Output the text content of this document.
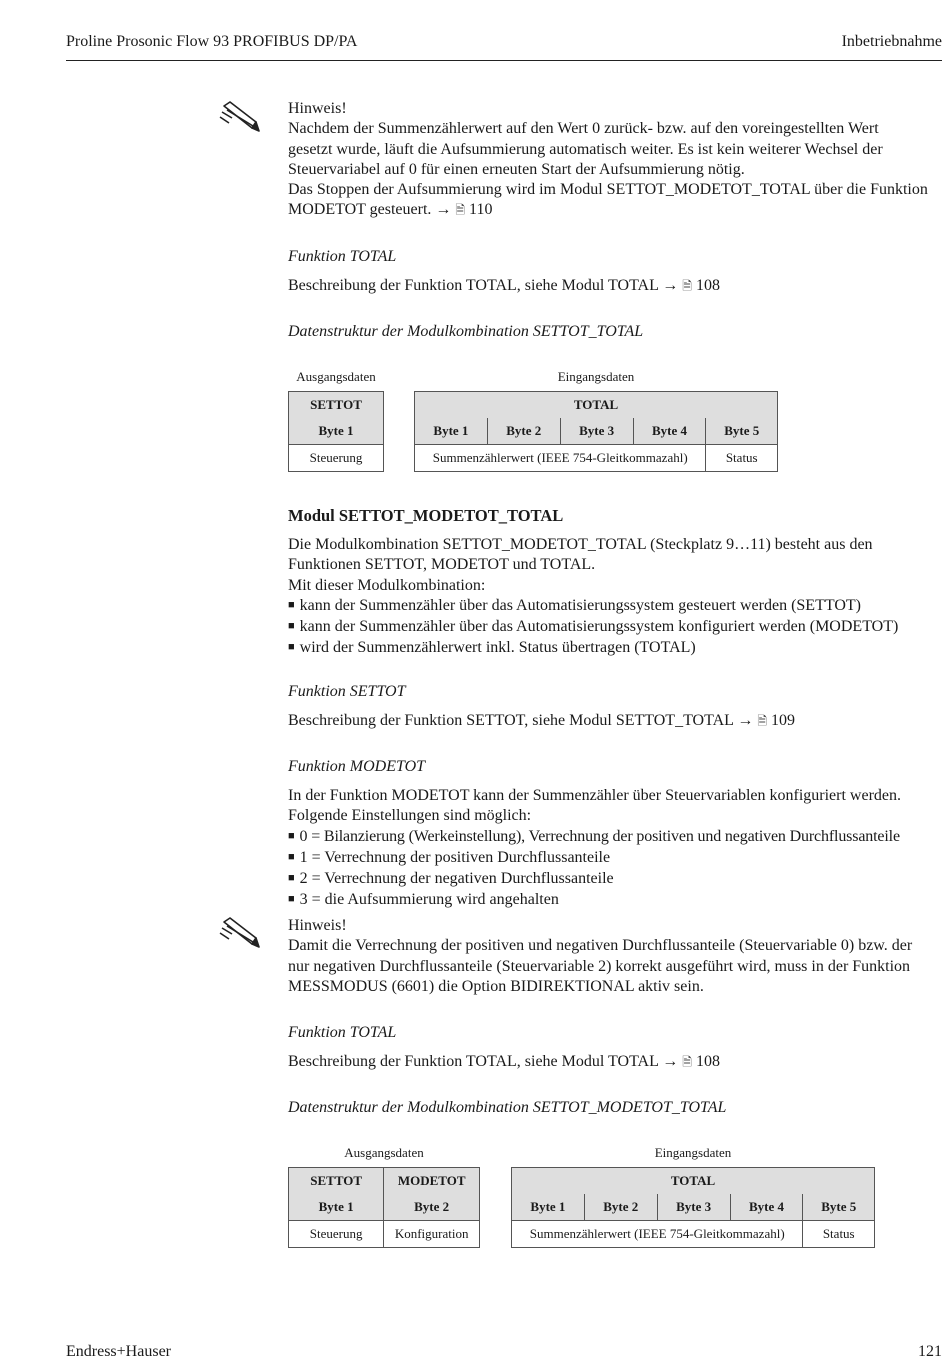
Proline Prosonic Flow 93 PROFIBUS DP/PA	Inbetriebnahme

Hinweis!

Nachdem der Summenzählerwert auf den Wert 0 zurück- bzw. auf den voreingestellten Wert

gesetzt wurde, läuft die Aufsummierung automatisch weiter. Es ist kein weiterer Wechsel der

Steuervariabel auf 0 für einen erneuten Start der Aufsummierung nötig.

Das Stoppen der Aufsummierung wird im Modul SETTOT_MODETOT_TOTAL über die Funktion

MODETOT gesteuert. → 🗎 110

Funktion TOTAL

Beschreibung der Funktion TOTAL, siehe Modul TOTAL → 🗎 108

Datenstruktur der Modulkombination SETTOT_TOTAL

Ausgangsdaten	Eingangsdaten
SETTOT
Byte 1
Steuerung
TOTAL				
Byte 1	Byte 2	Byte 3	Byte 4	Byte 5
Summenzählerwert (IEEE 754-Gleitkommazahl)				Status

Modul SETTOT_MODETOT_TOTAL

Die Modulkombination SETTOT_MODETOT_TOTAL (Steckplatz 9…11) besteht aus den

Funktionen SETTOT, MODETOT und TOTAL.

Mit dieser Modulkombination:

■ kann der Summenzähler über das Automatisierungssystem gesteuert werden (SETTOT)
■ kann der Summenzähler über das Automatisierungssystem konfiguriert werden (MODETOT)
■ wird der Summenzählerwert inkl. Status übertragen (TOTAL)

Funktion SETTOT

Beschreibung der Funktion SETTOT, siehe Modul SETTOT_TOTAL → 🗎 109

Funktion MODETOT

In der Funktion MODETOT kann der Summenzähler über Steuervariablen konfiguriert werden.

Folgende Einstellungen sind möglich:

■ 0 = Bilanzierung (Werkeinstellung), Verrechnung der positiven und negativen Durchflussanteile
■ 1 = Verrechnung der positiven Durchflussanteile
■ 2 = Verrechnung der negativen Durchflussanteile
■ 3 = die Aufsummierung wird angehalten

Hinweis!

Damit die Verrechnung der positiven und negativen Durchflussanteile (Steuervariable 0) bzw. der

nur negativen Durchflussanteile (Steuervariable 2) korrekt ausgeführt wird, muss in der Funktion

MESSMODUS (6601) die Option BIDIREKTIONAL aktiv sein.

Funktion TOTAL

Beschreibung der Funktion TOTAL, siehe Modul TOTAL → 🗎 108

Datenstruktur der Modulkombination SETTOT_MODETOT_TOTAL

Ausgangsdaten	Eingangsdaten
SETTOT	MODETOT
Byte 1	Byte 2
Steuerung	Konfiguration
TOTAL				
Byte 1	Byte 2	Byte 3	Byte 4	Byte 5
Summenzählerwert (IEEE 754-Gleitkommazahl)				Status
Endress+Hauser	121
